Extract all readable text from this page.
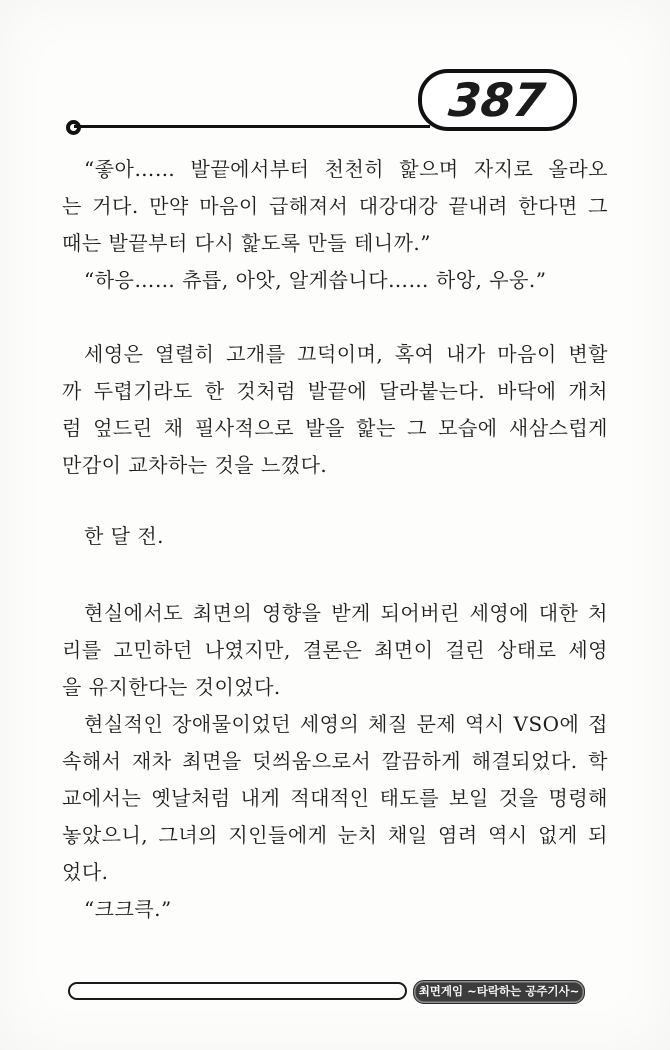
387

“좋아…… 발끝에서부터 천천히 핥으며 자지로 올라오
는 거다. 만약 마음이 급해져서 대강대강 끝내려 한다면 그
때는 발끝부터 다시 핥도록 만들 테니까.”

“하응…… 츄릅, 아앗, 알게씁니다…… 하앙, 우웅.”

세영은 열렬히 고개를 끄덕이며, 혹여 내가 마음이 변할
까 두렵기라도 한 것처럼 발끝에 달라붙는다. 바닥에 개처
럼 엎드린 채 필사적으로 발을 핥는 그 모습에 새삼스럽게
만감이 교차하는 것을 느꼈다.

한 달 전.

현실에서도 최면의 영향을 받게 되어버린 세영에 대한 처
리를 고민하던 나였지만, 결론은 최면이 걸린 상태로 세영
을 유지한다는 것이었다.

현실적인 장애물이었던 세영의 체질 문제 역시 VSO에 접
속해서 재차 최면을 덧씌움으로서 깔끔하게 해결되었다. 학
교에서는 옛날처럼 내게 적대적인 태도를 보일 것을 명령해
놓았으니, 그녀의 지인들에게 눈치 채일 염려 역시 없게 되
었다.

“크크큭.”

최면게임 ~타락하는 공주기사~
